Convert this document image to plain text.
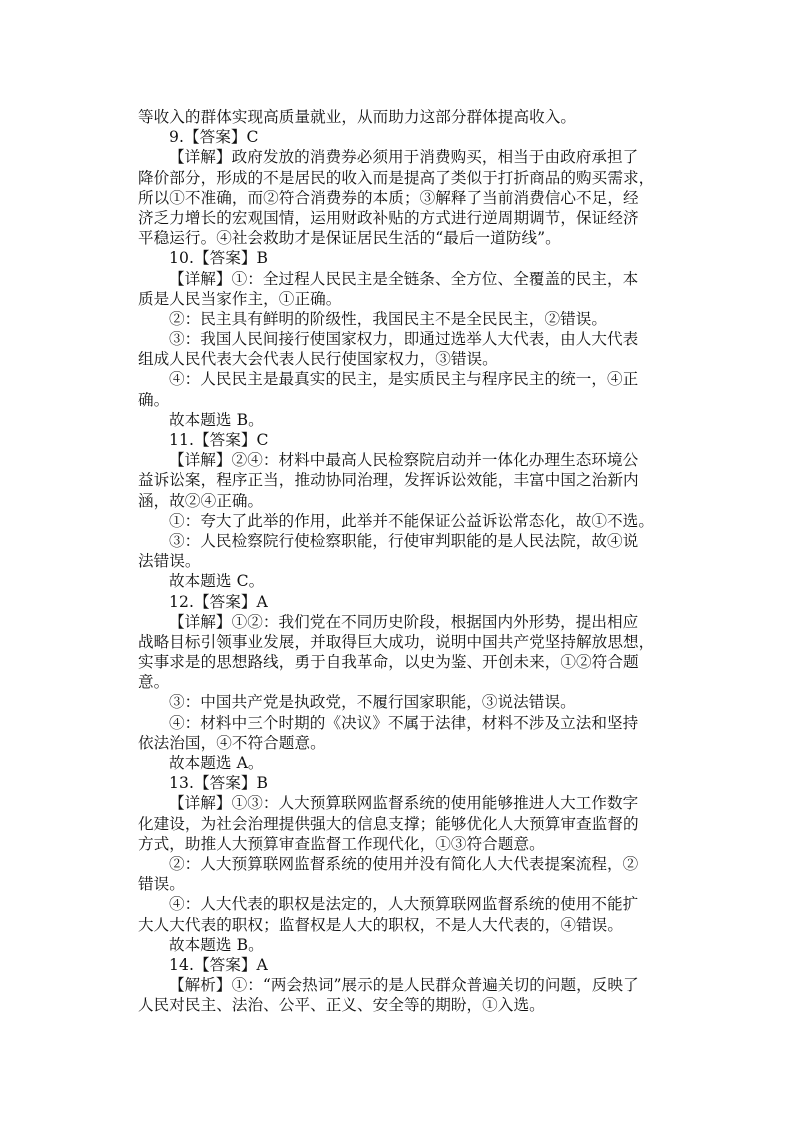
等收入的群体实现高质量就业，从而助力这部分群体提高收入。
9.【答案】C
【详解】政府发放的消费券必须用于消费购买，相当于由政府承担了
降价部分，形成的不是居民的收入而是提高了类似于打折商品的购买需求，
所以①不准确，而②符合消费券的本质；③解释了当前消费信心不足，经
济乏力增长的宏观国情，运用财政补贴的方式进行逆周期调节，保证经济
平稳运行。④社会救助才是保证居民生活的“最后一道防线”。
10.【答案】B
【详解】①：全过程人民民主是全链条、全方位、全覆盖的民主，本
质是人民当家作主，①正确。
②：民主具有鲜明的阶级性，我国民主不是全民民主，②错误。
③：我国人民间接行使国家权力，即通过选举人大代表，由人大代表
组成人民代表大会代表人民行使国家权力，③错误。
④：人民民主是最真实的民主，是实质民主与程序民主的统一，④正
确。
故本题选 B。
11.【答案】C
【详解】②④：材料中最高人民检察院启动并一体化办理生态环境公
益诉讼案，程序正当，推动协同治理，发挥诉讼效能，丰富中国之治新内
涵，故②④正确。
①：夸大了此举的作用，此举并不能保证公益诉讼常态化，故①不选。
③：人民检察院行使检察职能，行使审判职能的是人民法院，故④说
法错误。
故本题选 C。
12.【答案】A
【详解】①②：我们党在不同历史阶段，根据国内外形势，提出相应
战略目标引领事业发展，并取得巨大成功，说明中国共产党坚持解放思想，
实事求是的思想路线，勇于自我革命，以史为鉴、开创未来，①②符合题
意。
③：中国共产党是执政党，不履行国家职能，③说法错误。
④：材料中三个时期的《决议》不属于法律，材料不涉及立法和坚持
依法治国，④不符合题意。
故本题选 A。
13.【答案】B
【详解】①③：人大预算联网监督系统的使用能够推进人大工作数字
化建设，为社会治理提供强大的信息支撑；能够优化人大预算审查监督的
方式，助推人大预算审查监督工作现代化，①③符合题意。
②：人大预算联网监督系统的使用并没有简化人大代表提案流程，②
错误。
④：人大代表的职权是法定的，人大预算联网监督系统的使用不能扩
大人大代表的职权；监督权是人大的职权，不是人大代表的，④错误。
故本题选 B。
14.【答案】A
【解析】①：“两会热词”展示的是人民群众普遍关切的问题，反映了
人民对民主、法治、公平、正义、安全等的期盼，①入选。
